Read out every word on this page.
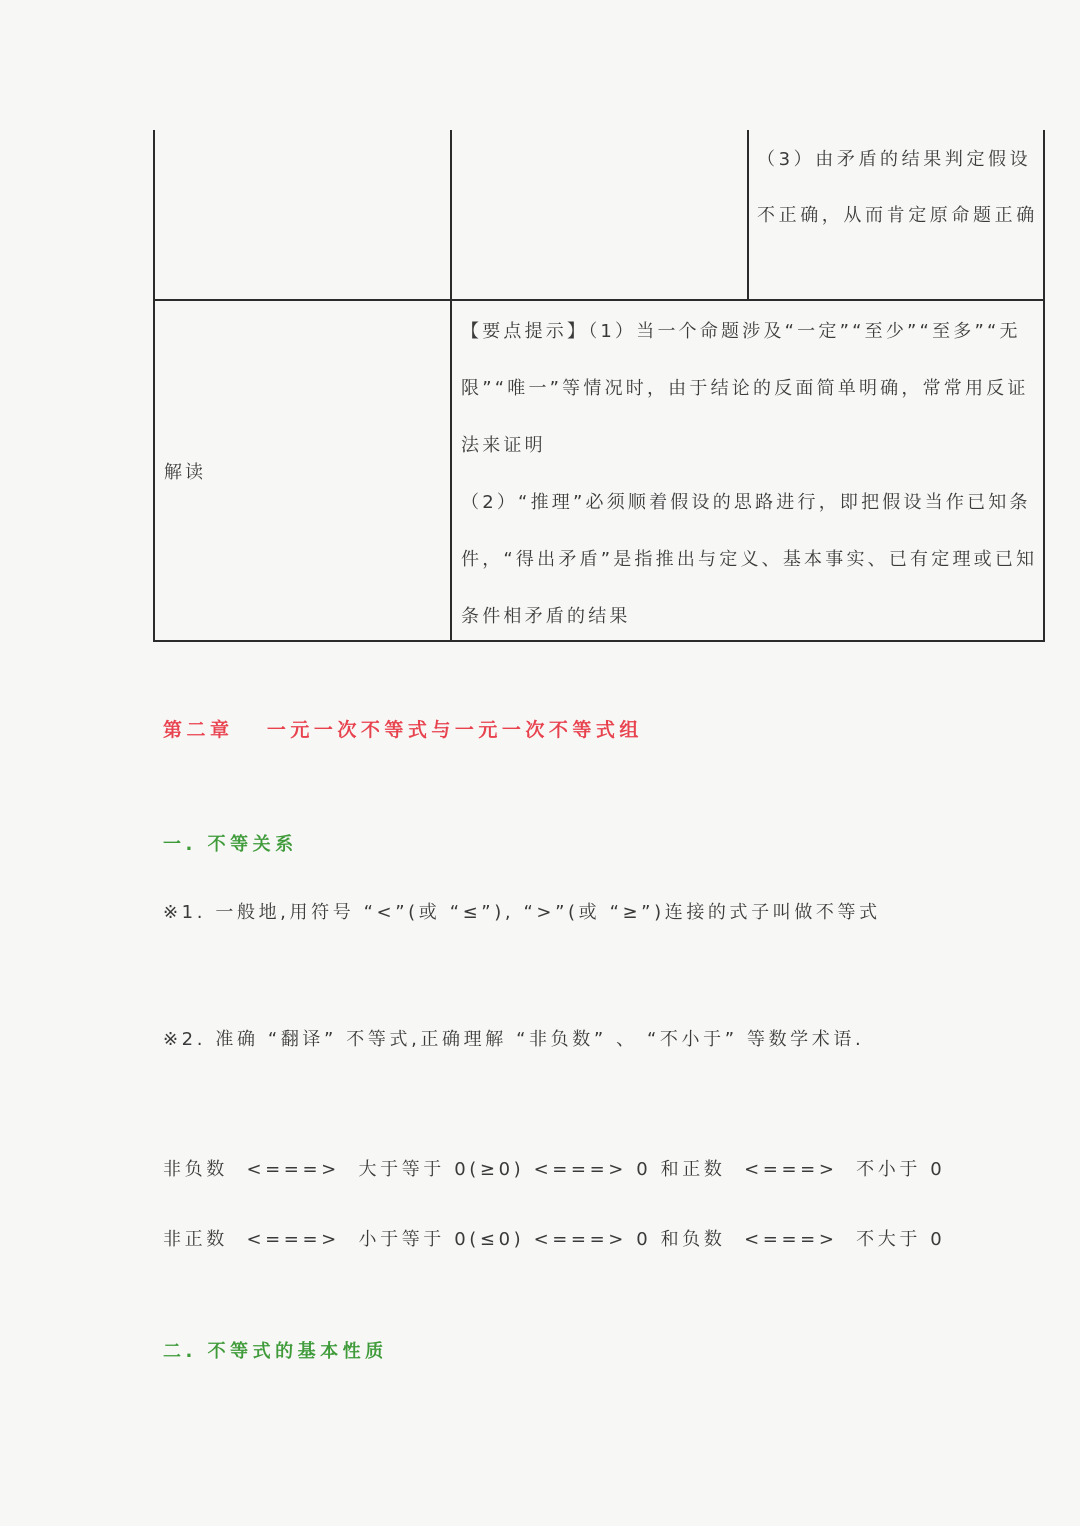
（3）由矛盾的结果判定假设不正确，从而肯定原命题正确
解读

【要点提示】（1）当一个命题涉及“一定”“至少”“至多”“无限”“唯一”等情况时，由于结论的反面简单明确，常常用反证法来证明

（2）“推理”必须顺着假设的思路进行，即把假设当作已知条件，“得出矛盾”是指推出与定义、基本事实、已有定理或已知条件相矛盾的结果

第二章   一元一次不等式与一元一次不等式组
一. 不等关系
※1. 一般地,用符号 “<”(或 “≤”), “>”(或 “≥”)连接的式子叫做不等式
※2. 准确 “翻译” 不等式,正确理解 “非负数” 、 “不小于” 等数学术语.
非负数  <===>  大于等于 0(≥0) <===> 0 和正数  <===>  不小于 0
非正数  <===>  小于等于 0(≤0) <===> 0 和负数  <===>  不大于 0
二. 不等式的基本性质
